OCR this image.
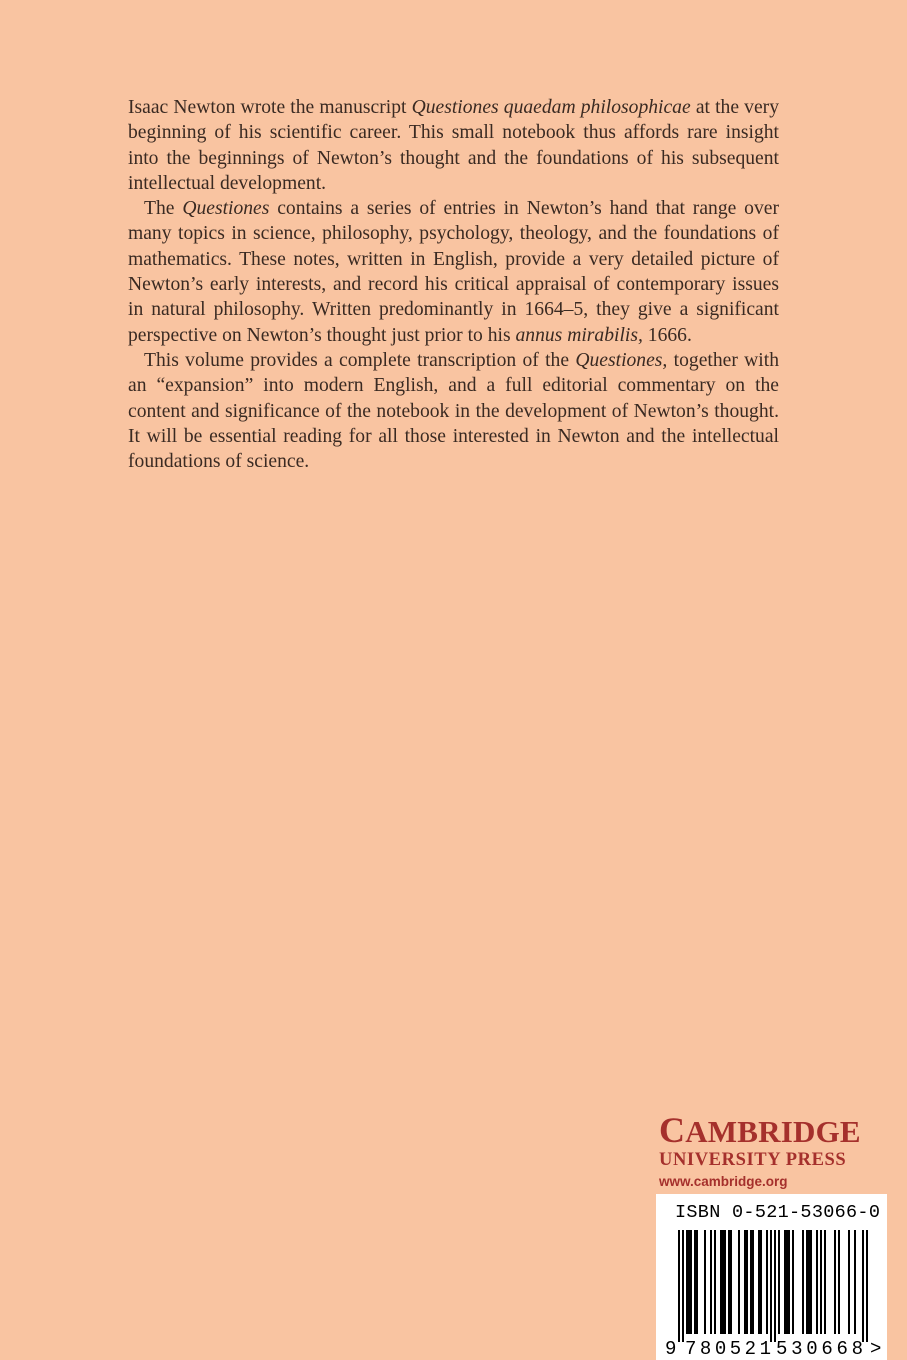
Isaac Newton wrote the manuscript Questiones quaedam philosophicae at the very beginning of his scientific career. This small notebook thus affords rare insight into the beginnings of Newton’s thought and the foundations of his subsequent intellectual development.

The Questiones contains a series of entries in Newton’s hand that range over many topics in science, philosophy, psychology, theology, and the foundations of mathematics. These notes, written in English, provide a very detailed picture of Newton’s early interests, and record his critical appraisal of contemporary issues in natural philosophy. Written predominantly in 1664–5, they give a significant perspective on Newton’s thought just prior to his annus mirabilis, 1666.

This volume provides a complete transcription of the Questiones, together with an “expansion” into modern English, and a full editorial commentary on the content and significance of the notebook in the development of Newton’s thought. It will be essential reading for all those interested in Newton and the intellectual foundations of science.

CAMBRIDGE
UNIVERSITY PRESS
www.cambridge.org
ISBN 0-521-53066-0
9 780521 530668 >
